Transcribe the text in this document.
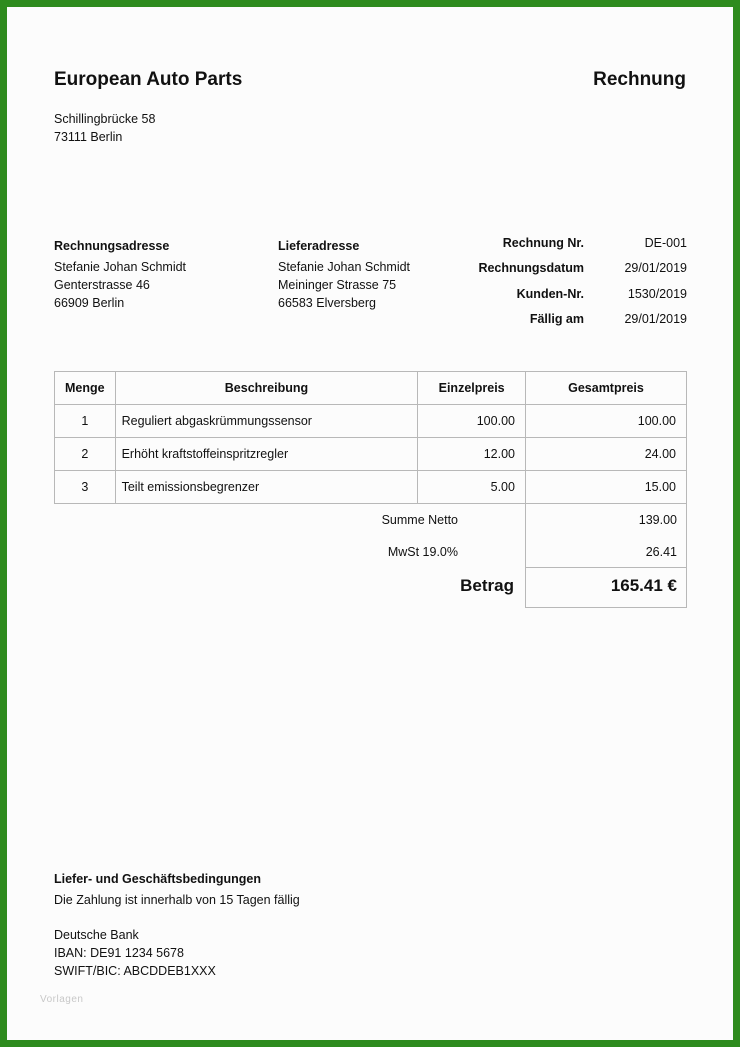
European Auto Parts	Rechnung
Schillingbrücke 58
73111 Berlin
Rechnungsadresse
Stefanie Johan Schmidt
Genterstrasse 46
66909 Berlin
Lieferadresse
Stefanie Johan Schmidt
Meininger Strasse 75
66583 Elversberg
Rechnung Nr.	DE-001
Rechnungsdatum	29/01/2019
Kunden-Nr.	1530/2019
Fällig am	29/01/2019
Menge	Beschreibung	Einzelpreis	Gesamtpreis
1	Reguliert abgaskrümmungssensor	100.00	100.00
2	Erhöht kraftstoffeinspritzregler	12.00	24.00
3	Teilt emissionsbegrenzer	5.00	15.00
Summe Netto	139.00
MwSt 19.0%	26.41
Betrag	165.41 €
Liefer- und Geschäftsbedingungen
Die Zahlung ist innerhalb von 15 Tagen fällig
Deutsche Bank
IBAN: DE91 1234 5678
SWIFT/BIC: ABCDDEB1XXX
Vorlagen
